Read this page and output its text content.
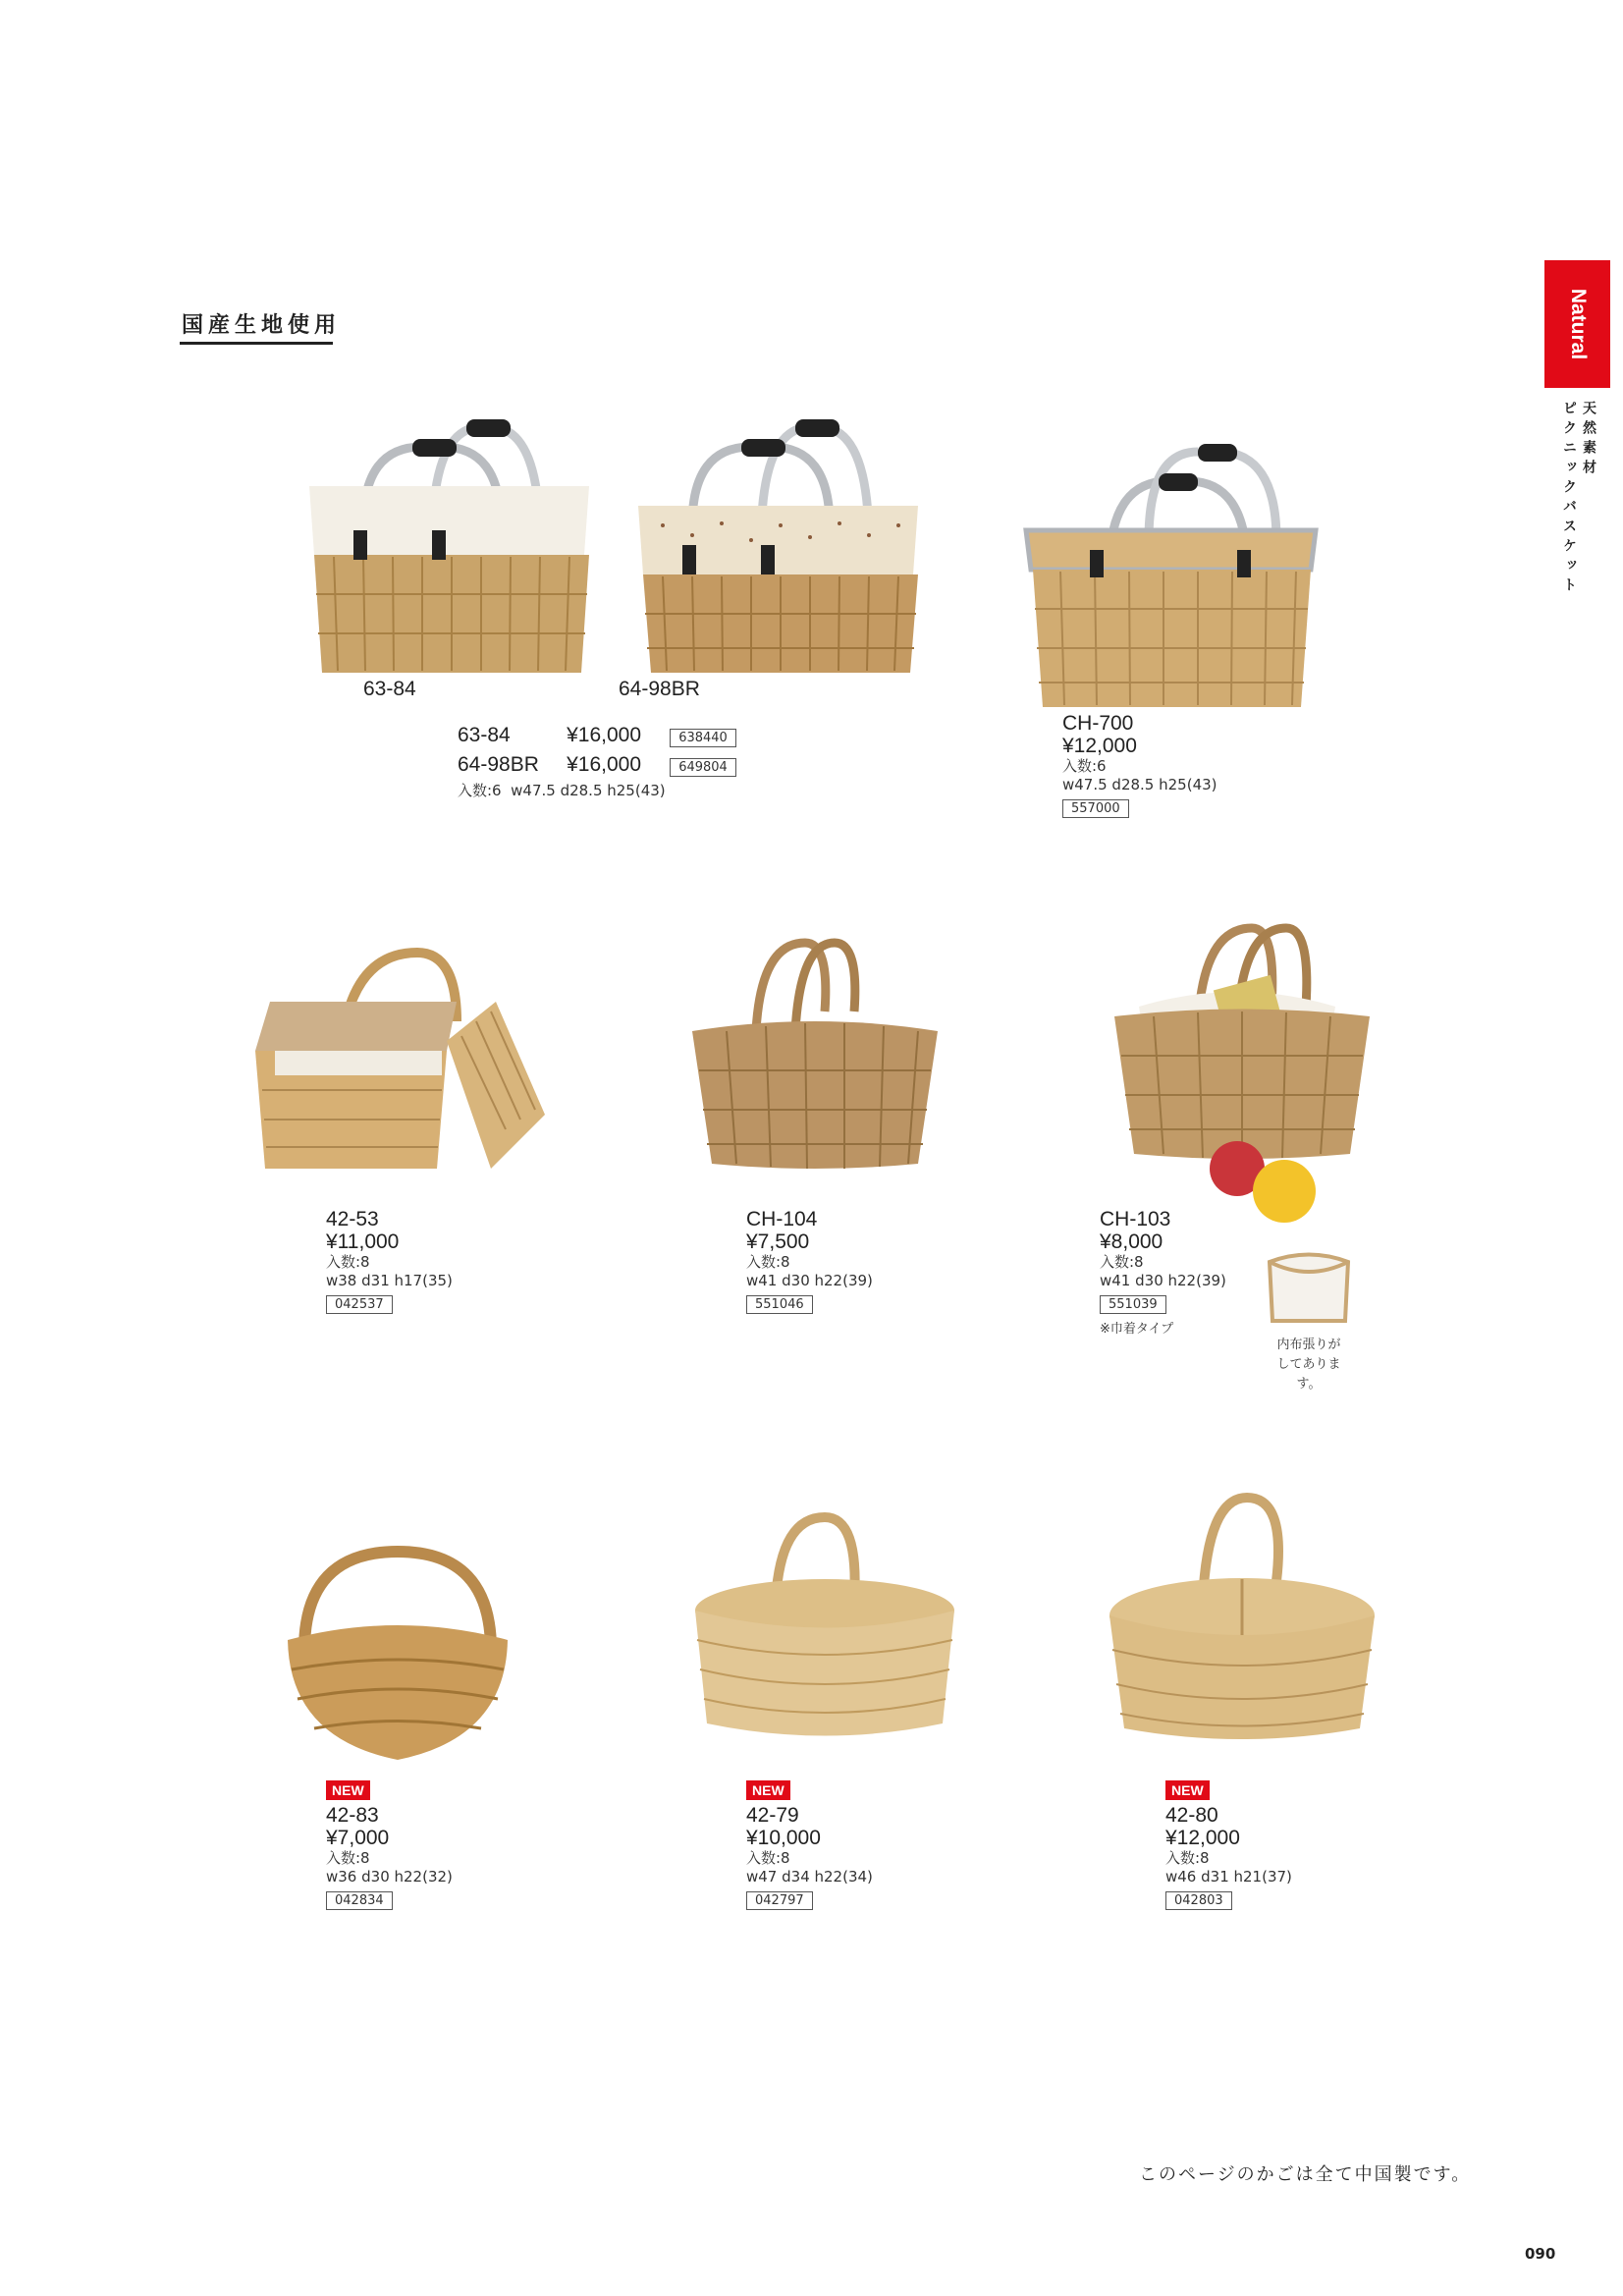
国産生地使用	Natural
天然素材
ピクニックバスケット
63-84	64-98BR
63-84	¥16,000	638440
64-98BR ¥16,000	649804
入数:6  w47.5 d28.5 h25(43)
CH-700
¥12,000
入数:6
w47.5 d28.5 h25(43)
557000
42-53
¥11,000
入数:8
w38 d31 h17(35)
042537
CH-104
¥7,500
入数:8
w41 d30 h22(39)
551046
CH-103
¥8,000
入数:8
w41 d30 h22(39)
551039
※巾着タイプ
内布張りが
してあります。
NEW
42-83
¥7,000
入数:8
w36 d30 h22(32)
042834
NEW
42-79
¥10,000
入数:8
w47 d34 h22(34)
042797
NEW
42-80
¥12,000
入数:8
w46 d31 h21(37)
042803
このページのかごは全て中国製です。
090
